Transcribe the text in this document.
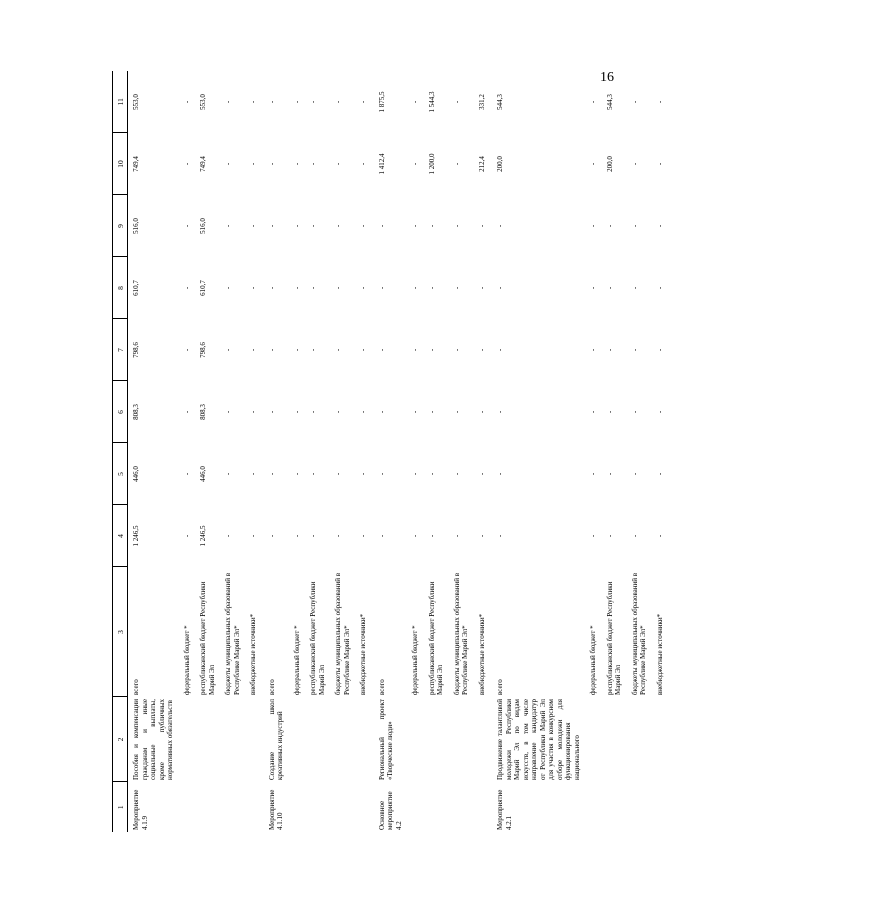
16
1	2	3	4	5	6	7	8	9	10	11
Мероприятие 4.1.9	Пособия и компенсации гражданам и иные социальные выплаты, кроме публичных нормативных обязательств	всего	1 246,5	446,0	808,3	798,6	610,7	516,0	749,4	553,0
		федеральный бюджет *	-	-	-	-	-	-	-	-
		республиканский бюджет Республики Марий Эл	1 246,5	446,0	808,3	798,6	610,7	516,0	749,4	553,0
		бюджеты муниципальных образований в Республике Марий Эл*	-	-	-	-	-	-	-	-
		внебюджетные источники*	-	-	-	-	-	-	-	-
Мероприятие 4.1.10	Создание школ креативных индустрий	всего	-	-	-	-	-	-	-	-
		федеральный бюджет *	-	-	-	-	-	-	-	-
		республиканский бюджет Республики Марий Эл	-	-	-	-	-	-	-	-
		бюджеты муниципальных образований в Республике Марий Эл*	-	-	-	-	-	-	-	-
		внебюджетные источники*	-	-	-	-	-	-	-	-
Основное мероприятие 4.2	Региональный проект «Творческие люди»	всего	-	-	-	-	-	-	1 412,4	1 875,5
		федеральный бюджет *	-	-	-	-	-	-	-	-
		республиканский бюджет Республики Марий Эл	-	-	-	-	-	-	1 200,0	1 544,3
		бюджеты муниципальных образований в Республике Марий Эл*	-	-	-	-	-	-	-	-
		внебюджетные источники*	-	-	-	-	-	-	212,4	331,2
Мероприятие 4.2.1	Продвижение талантливой молодежи Республики Марий Эл по видам искусств, в том числе направление кандидатур от Республики Марий Эл для участия в конкурсном отборе молодежи для функционирования национального	всего	-	-	-	-	-	-	200,0	544,3
		федеральный бюджет *	-	-	-	-	-	-	-	-
		республиканский бюджет Республики Марий Эл	-	-	-	-	-	-	200,0	544,3
		бюджеты муниципальных образований в Республике Марий Эл*	-	-	-	-	-	-	-	-
		внебюджетные источники*	-	-	-	-	-	-	-	-
